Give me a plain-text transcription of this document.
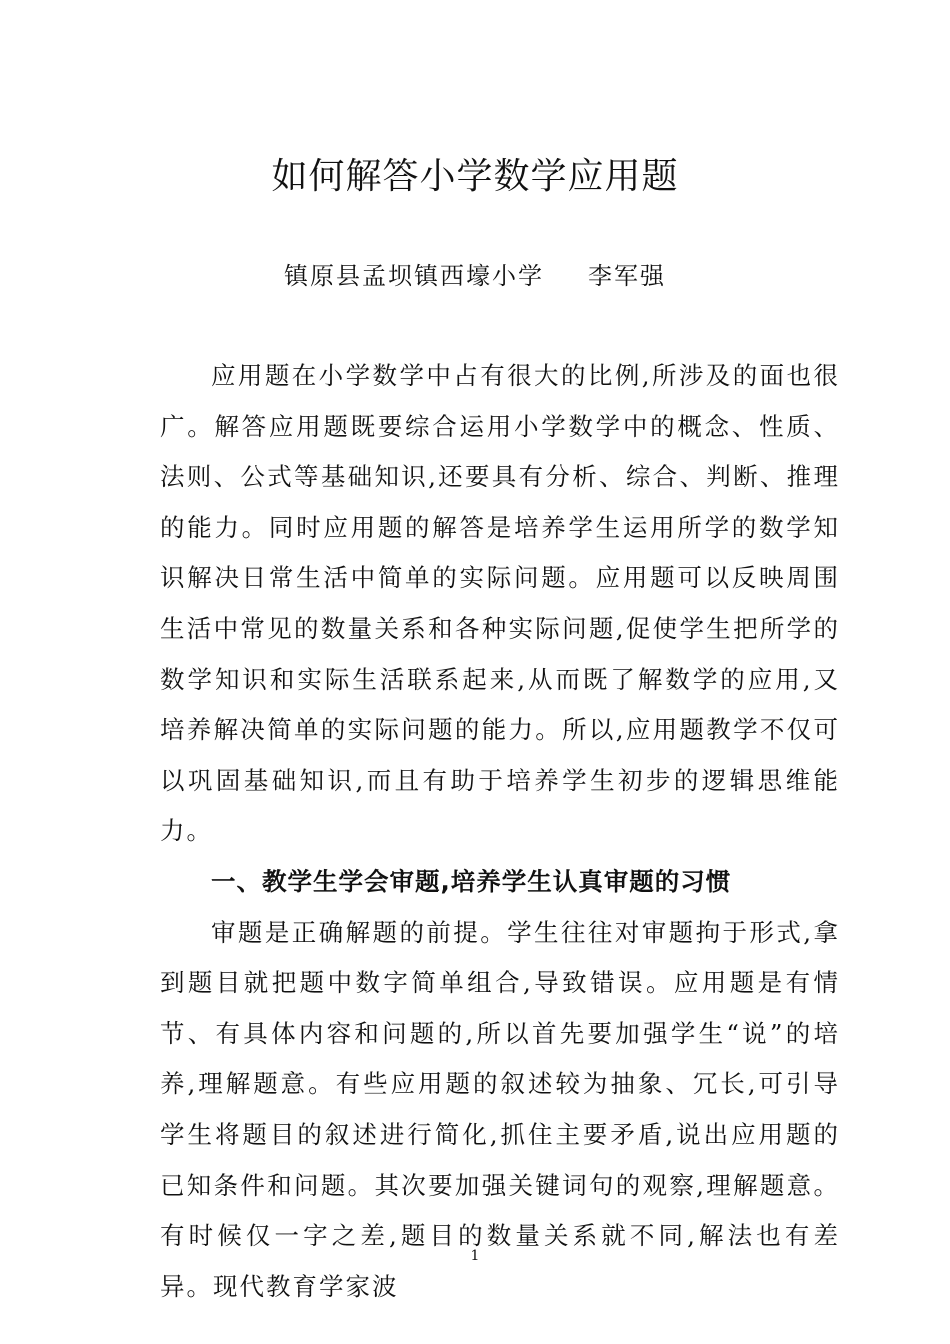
如何解答小学数学应用题
镇原县孟坝镇西壕小学 李军强

应用题在小学数学中占有很大的比例,所涉及的面也很广。解答应用题既要综合运用小学数学中的概念、性质、法则、公式等基础知识,还要具有分析、综合、判断、推理的能力。同时应用题的解答是培养学生运用所学的数学知识解决日常生活中简单的实际问题。应用题可以反映周围生活中常见的数量关系和各种实际问题,促使学生把所学的数学知识和实际生活联系起来,从而既了解数学的应用,又培养解决简单的实际问题的能力。所以,应用题教学不仅可以巩固基础知识,而且有助于培养学生初步的逻辑思维能力。

一、教学生学会审题,培养学生认真审题的习惯

审题是正确解题的前提。学生往往对审题拘于形式,拿到题目就把题中数字简单组合,导致错误。应用题是有情节、有具体内容和问题的,所以首先要加强学生“说”的培养,理解题意。有些应用题的叙述较为抽象、冗长,可引导学生将题目的叙述进行简化,抓住主要矛盾,说出应用题的已知条件和问题。其次要加强关键词句的观察,理解题意。有时候仅一字之差,题目的数量关系就不同,解法也有差异。现代教育学家波

1
